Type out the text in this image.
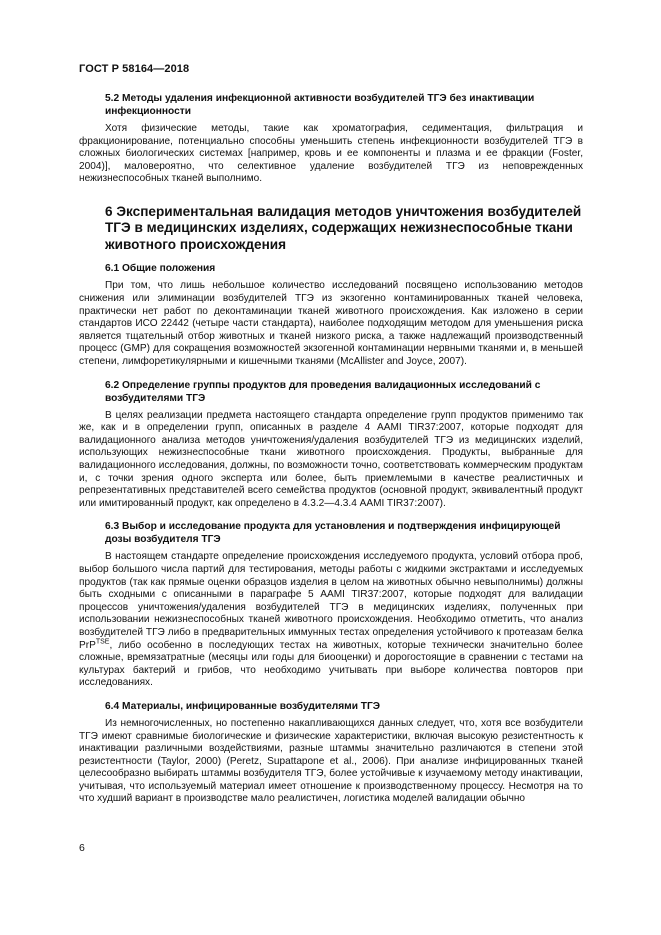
ГОСТ Р 58164—2018
5.2 Методы удаления инфекционной активности возбудителей ТГЭ без инактивации инфекционности

Хотя физические методы, такие как хроматография, седиментация, фильтрация и фракционирование, потенциально способны уменьшить степень инфекционности возбудителей ТГЭ в сложных биологических системах [например, кровь и ее компоненты и плазма и ее фракции (Foster, 2004)], маловероятно, что селективное удаление возбудителей ТГЭ из неповрежденных нежизнеспособных тканей выполнимо.

6 Экспериментальная валидация методов уничтожения возбудителей ТГЭ в медицинских изделиях, содержащих нежизнеспособные ткани животного происхождения
6.1 Общие положения

При том, что лишь небольшое количество исследований посвящено использованию методов снижения или элиминации возбудителей ТГЭ из экзогенно контаминированных тканей человека, практически нет работ по деконтаминации тканей животного происхождения. Как изложено в серии стандартов ИСО 22442 (четыре части стандарта), наиболее подходящим методом для уменьшения риска является тщательный отбор животных и тканей низкого риска, а также надлежащий производственный процесс (GMP) для сокращения возможностей экзогенной контаминации нервными тканями и, в меньшей степени, лимфоретикулярными и кишечными тканями (McAllister and Joyce, 2007).

6.2 Определение группы продуктов для проведения валидационных исследований с возбудителями ТГЭ

В целях реализации предмета настоящего стандарта определение групп продуктов применимо так же, как и в определении групп, описанных в разделе 4 AAMI TIR37:2007, которые подходят для валидационного анализа методов уничтожения/удаления возбудителей ТГЭ из медицинских изделий, использующих нежизнеспособные ткани животного происхождения. Продукты, выбранные для валидационного исследования, должны, по возможности точно, соответствовать коммерческим продуктам и, с точки зрения одного эксперта или более, быть приемлемыми в качестве реалистичных и репрезентативных представителей всего семейства продуктов (основной продукт, эквивалентный продукт или имитированный продукт, как определено в 4.3.2—4.3.4 AAMI TIR37:2007).

6.3 Выбор и исследование продукта для установления и подтверждения инфицирующей дозы возбудителя ТГЭ

В настоящем стандарте определение происхождения исследуемого продукта, условий отбора проб, выбор большого числа партий для тестирования, методы работы с жидкими экстрактами и исследуемых продуктов (так как прямые оценки образцов изделия в целом на животных обычно невыполнимы) должны быть сходными с описанными в параграфе 5 AAMI TIR37:2007, которые подходят для валидации процессов уничтожения/удаления возбудителей ТГЭ в медицинских изделиях, полученных при использовании нежизнеспособных тканей животного происхождения. Необходимо отметить, что анализ возбудителей ТГЭ либо в предварительных иммунных тестах определения устойчивого к протеазам белка PrP$^{TSE}$, либо особенно в последующих тестах на животных, которые технически значительно более сложные, времязатратные (месяцы или годы для биооценки) и дорогостоящие в сравнении с тестами на культурах бактерий и грибов, что необходимо учитывать при выборе количества повторов при исследованиях.

6.4 Материалы, инфицированные возбудителями ТГЭ

Из немногочисленных, но постепенно накапливающихся данных следует, что, хотя все возбудители ТГЭ имеют сравнимые биологические и физические характеристики, включая высокую резистентность к инактивации различными воздействиями, разные штаммы значительно различаются в степени этой резистентности (Taylor, 2000) (Peretz, Supattapone et al., 2006). При анализе инфицированных тканей целесообразно выбирать штаммы возбудителя ТГЭ, более устойчивые к изучаемому методу инактивации, учитывая, что используемый материал имеет отношение к производственному процессу. Несмотря на то что худший вариант в производстве мало реалистичен, логистика моделей валидации обычно

6
